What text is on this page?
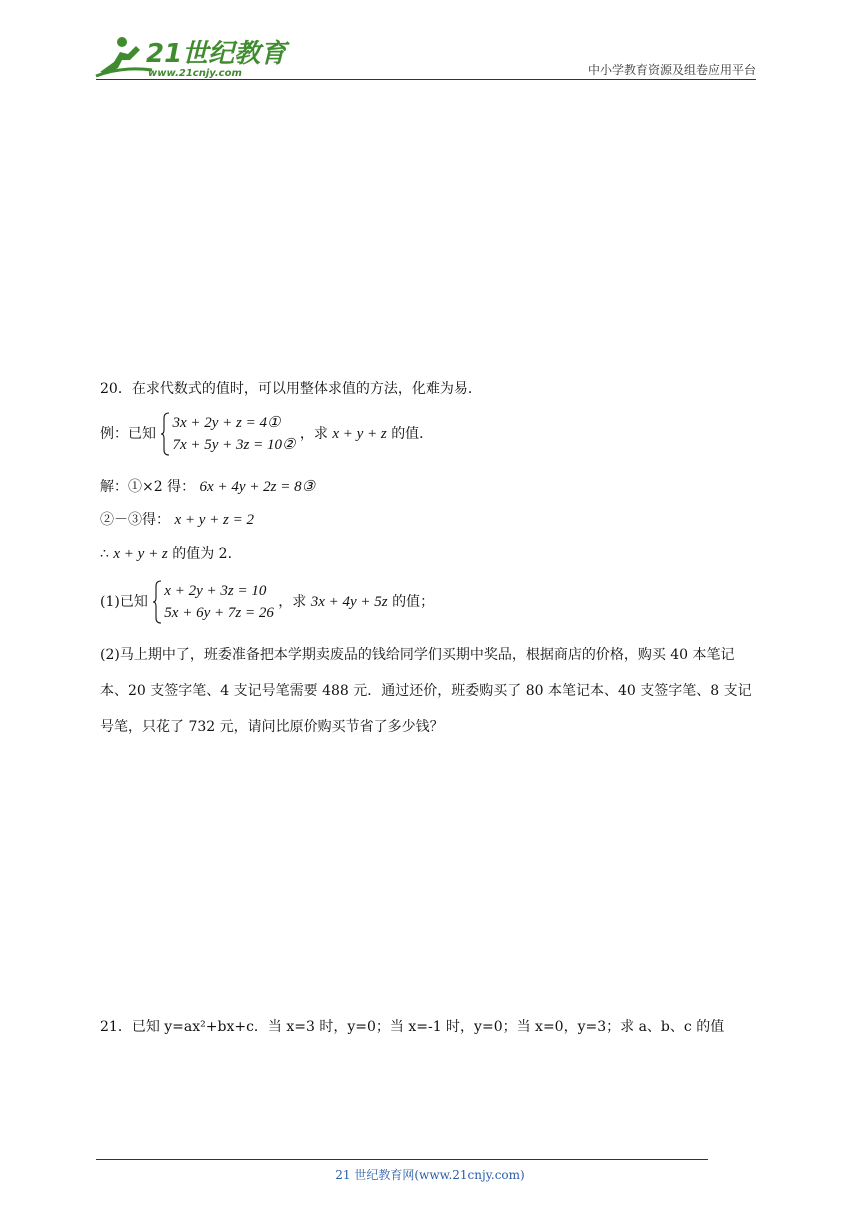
21世纪教育
www.21cnjy.com	中小学教育资源及组卷应用平台
20．在求代数式的值时，可以用整体求值的方法，化难为易．
例：已知
3x + 2y + z = 4①
7x + 5y + 3z = 10②
，求 x + y + z 的值．
解：①×2 得： 6x + 4y + 2z = 8③
②－③得： x + y + z = 2
∴ x + y + z 的值为 2．
(1)已知
x + 2y + 3z = 10
5x + 6y + 7z = 26
，求 3x + 4y + 5z 的值；
(2)马上期中了，班委准备把本学期卖废品的钱给同学们买期中奖品，根据商店的价格，购买 40 本笔记本、20 支签字笔、4 支记号笔需要 488 元．通过还价，班委购买了 80 本笔记本、40 支签字笔、8 支记号笔，只花了 732 元，请问比原价购买节省了多少钱？
21．已知 y=ax²+bx+c．当 x=3 时，y=0；当 x=-1 时，y=0；当 x=0，y=3；求 a、b、c 的值
21 世纪教育网(www.21cnjy.com)
